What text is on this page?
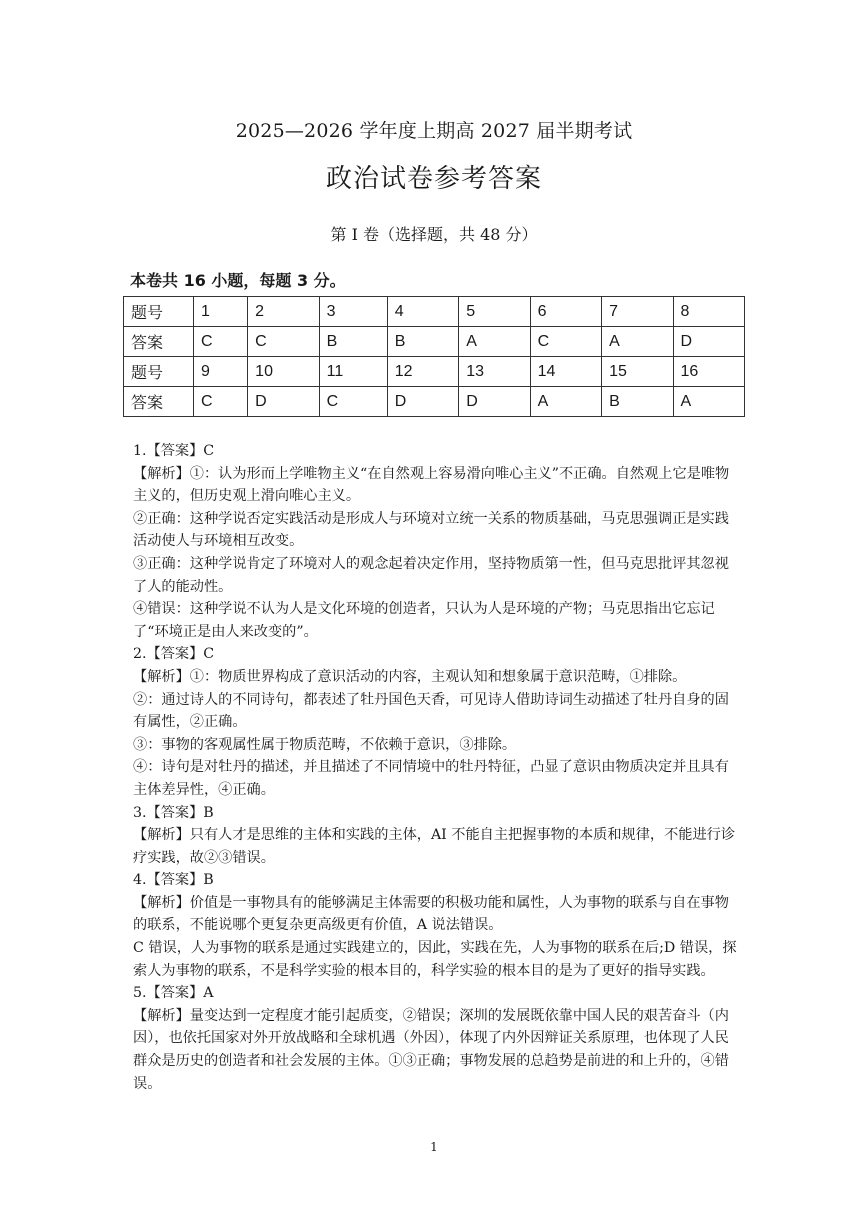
2025—2026 学年度上期高 2027 届半期考试
政治试卷参考答案
第 I 卷（选择题，共 48 分）
本卷共 16 小题，每题 3 分。
题号	1	2	3	4	5	6	7	8
答案	C	C	B	B	A	C	A	D
题号	9	10	11	12	13	14	15	16
答案	C	D	C	D	D	A	B	A

1.【答案】C

【解析】①：认为形而上学唯物主义“在自然观上容易滑向唯心主义”不正确。自然观上它是唯物主义的，但历史观上滑向唯心主义。

②正确：这种学说否定实践活动是形成人与环境对立统一关系的物质基础，马克思强调正是实践活动使人与环境相互改变。

③正确：这种学说肯定了环境对人的观念起着决定作用，坚持物质第一性，但马克思批评其忽视了人的能动性。

④错误：这种学说不认为人是文化环境的创造者，只认为人是环境的产物；马克思指出它忘记了“环境正是由人来改变的”。

2.【答案】C

【解析】①：物质世界构成了意识活动的内容，主观认知和想象属于意识范畴，①排除。

②：通过诗人的不同诗句，都表述了牡丹国色天香，可见诗人借助诗词生动描述了牡丹自身的固有属性，②正确。

③：事物的客观属性属于物质范畴，不依赖于意识，③排除。

④：诗句是对牡丹的描述，并且描述了不同情境中的牡丹特征，凸显了意识由物质决定并且具有主体差异性，④正确。

3.【答案】B

【解析】只有人才是思维的主体和实践的主体，AI 不能自主把握事物的本质和规律，不能进行诊疗实践，故②③错误。

4.【答案】B

【解析】价值是一事物具有的能够满足主体需要的积极功能和属性，人为事物的联系与自在事物的联系，不能说哪个更复杂更高级更有价值，A 说法错误。

C 错误，人为事物的联系是通过实践建立的，因此，实践在先，人为事物的联系在后;D 错误，探索人为事物的联系，不是科学实验的根本目的，科学实验的根本目的是为了更好的指导实践。

5.【答案】A

【解析】量变达到一定程度才能引起质变，②错误；深圳的发展既依靠中国人民的艰苦奋斗（内因），也依托国家对外开放战略和全球机遇（外因），体现了内外因辩证关系原理，也体现了人民群众是历史的创造者和社会发展的主体。①③正确；事物发展的总趋势是前进的和上升的，④错误。

1
